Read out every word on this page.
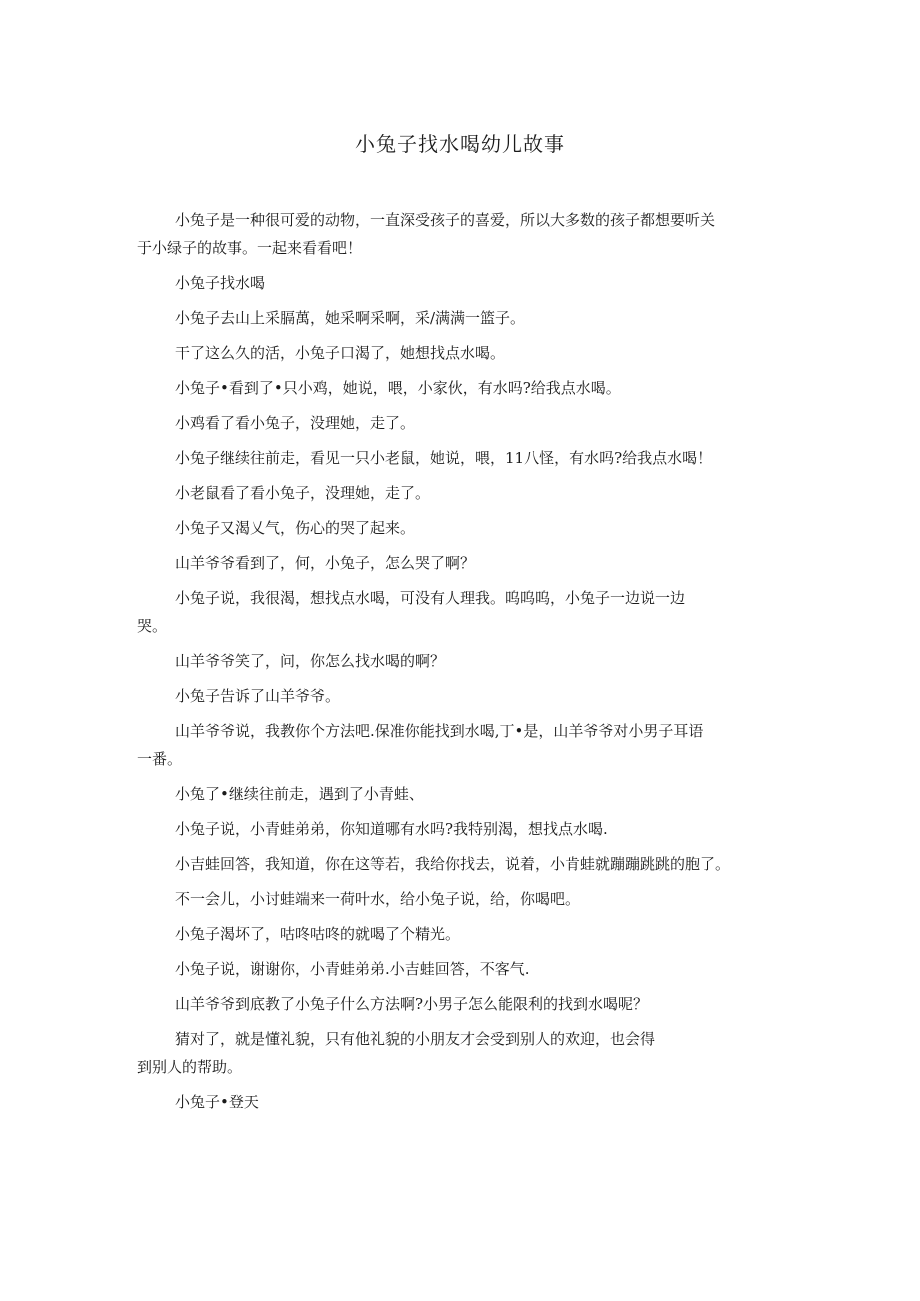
小兔子找水喝幼儿故事

小兔子是一种很可爱的动物，一直深受孩子的喜爱，所以大多数的孩子都想要听关
于小绿子的故事。一起来看看吧！

小兔子找水喝

小兔子去山上采膈萬，她采啊采啊，采/满满一篮子。

干了这么久的活，小兔子口渴了，她想找点水喝。

小兔子•看到了•只小鸡，她说，喂，小家伙，有水吗?给我点水喝。

小鸡看了看小兔子，没理她，走了。

小兔子继续往前走，看见一只小老鼠，她说，喂，11八怪，有水吗?给我点水喝！

小老鼠看了看小兔子，没理她，走了。

小兔子又渴乂气，伤心的哭了起来。

山羊爷爷看到了，何，小兔子，怎么哭了啊？

小兔子说，我很渴，想找点水喝，可没有人理我。呜呜呜，小兔子一边说一边
哭。

山羊爷爷笑了，问，你怎么找水喝的啊？

小兔子告诉了山羊爷爷。

山羊爷爷说，我教你个方法吧.保准你能找到水喝,丁•是，山羊爷爷对小男子耳语
一番。

小兔了•继续往前走，遇到了小青蛙、

小兔子说，小青蛙弟弟，你知道哪有水吗?我特别渴，想找点水喝.

小吉蛙回答，我知道，你在这等若，我给你找去，说着，小肯蛙就蹦蹦跳跳的胞了。

不一会儿，小讨蛙端来一荷叶水，给小兔子说，给，你喝吧。

小兔子渴坏了，咕咚咕咚的就喝了个精光。

小兔子说，谢谢你，小青蛙弟弟.小吉蛙回答，不客气.

山羊爷爷到底教了小兔子什么方法啊?小男子怎么能限利的找到水喝呢？

猜对了，就是懂礼貌，只有他礼貌的小朋友才会受到别人的欢迎，也会得
到别人的帮助。

小兔子•登天
